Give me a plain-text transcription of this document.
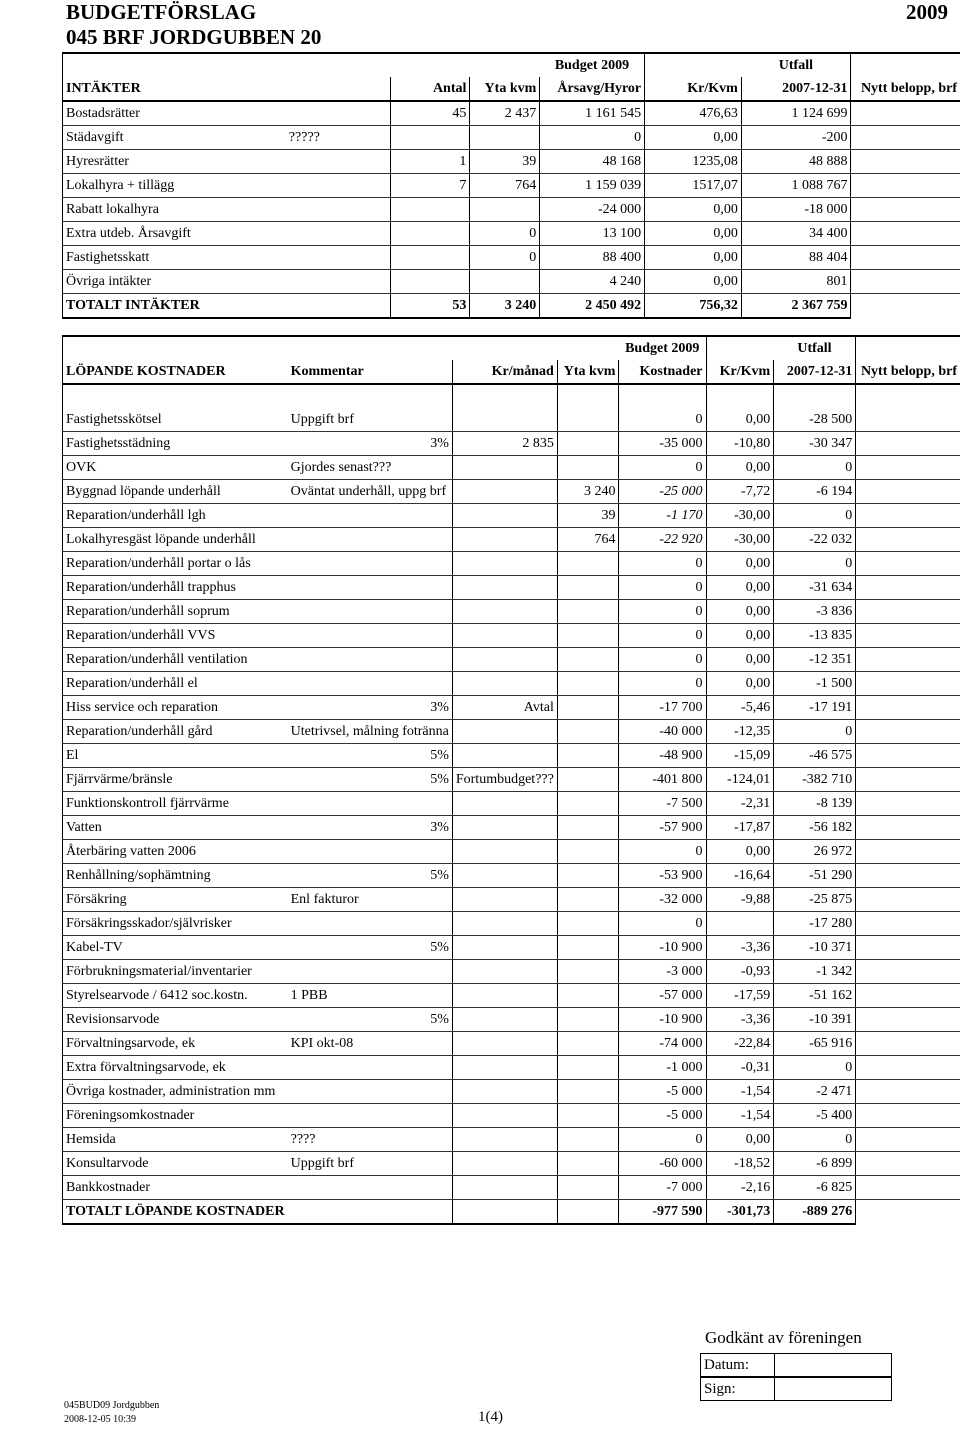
BUDGETFÖRSLAG
045 BRF JORDGUBBEN 20
2009
				Budget 2009		Utfall	
INTÄKTER		Antal	Yta kvm	Årsavg/Hyror	Kr/Kvm	2007-12-31	Nytt belopp, brf
Bostadsrätter		45	2 437	1 161 545	476,63	1 124 699	
Städavgift	?????			0	0,00	-200	
Hyresrätter		1	39	48 168	1235,08	48 888	
Lokalhyra + tillägg		7	764	1 159 039	1517,07	1 088 767	
Rabatt lokalhyra				-24 000	0,00	-18 000	
Extra utdeb. Årsavgift			0	13 100	0,00	34 400	
Fastighetsskatt			0	88 400	0,00	88 404	
Övriga intäkter				4 240	0,00	801	
TOTALT INTÄKTER		53	3 240	2 450 492	756,32	2 367 759	
				Budget 2009		Utfall	
LÖPANDE KOSTNADER	Kommentar	Kr/månad	Yta kvm	Kostnader	Kr/Kvm	2007-12-31	Nytt belopp, brf

Fastighetsskötsel	Uppgift brf			0	0,00	-28 500	
Fastighetsstädning	3%	2 835		-35 000	-10,80	-30 347	
OVK	Gjordes senast???			0	0,00	0	
Byggnad löpande underhåll	Oväntat underhåll, uppg brf		3 240	-25 000	-7,72	-6 194	
Reparation/underhåll lgh			39	-1 170	-30,00	0	
Lokalhyresgäst löpande underhåll			764	-22 920	-30,00	-22 032	
Reparation/underhåll portar o lås				0	0,00	0	
Reparation/underhåll trapphus				0	0,00	-31 634	
Reparation/underhåll soprum				0	0,00	-3 836	
Reparation/underhåll VVS				0	0,00	-13 835	
Reparation/underhåll ventilation				0	0,00	-12 351	
Reparation/underhåll el				0	0,00	-1 500	
Hiss service och reparation	3%	Avtal		-17 700	-5,46	-17 191	
Reparation/underhåll gård	Utetrivsel, målning fotränna			-40 000	-12,35	0	
El	5%			-48 900	-15,09	-46 575	
Fjärrvärme/bränsle	5%	Fortumbudget???		-401 800	-124,01	-382 710	
Funktionskontroll fjärrvärme				-7 500	-2,31	-8 139	
Vatten	3%			-57 900	-17,87	-56 182	
Återbäring vatten 2006				0	0,00	26 972	
Renhållning/sophämtning	5%			-53 900	-16,64	-51 290	
Försäkring	Enl fakturor			-32 000	-9,88	-25 875	
Försäkringsskador/självrisker				0		-17 280	
Kabel-TV	5%			-10 900	-3,36	-10 371	
Förbrukningsmaterial/inventarier				-3 000	-0,93	-1 342	
Styrelsearvode / 6412 soc.kostn.	1 PBB			-57 000	-17,59	-51 162	
Revisionsarvode	5%			-10 900	-3,36	-10 391	
Förvaltningsarvode, ek	KPI okt-08			-74 000	-22,84	-65 916	
Extra förvaltningsarvode, ek				-1 000	-0,31	0	
Övriga kostnader, administration mm				-5 000	-1,54	-2 471	
Föreningsomkostnader				-5 000	-1,54	-5 400	
Hemsida	????			0	0,00	0	
Konsultarvode	Uppgift brf			-60 000	-18,52	-6 899	
Bankkostnader				-7 000	-2,16	-6 825	
TOTALT LÖPANDE KOSTNADER				-977 590	-301,73	-889 276	
Godkänt av föreningen
Datum:
Sign:
045BUD09 Jordgubben
2008-12-05 10:39	1(4)
